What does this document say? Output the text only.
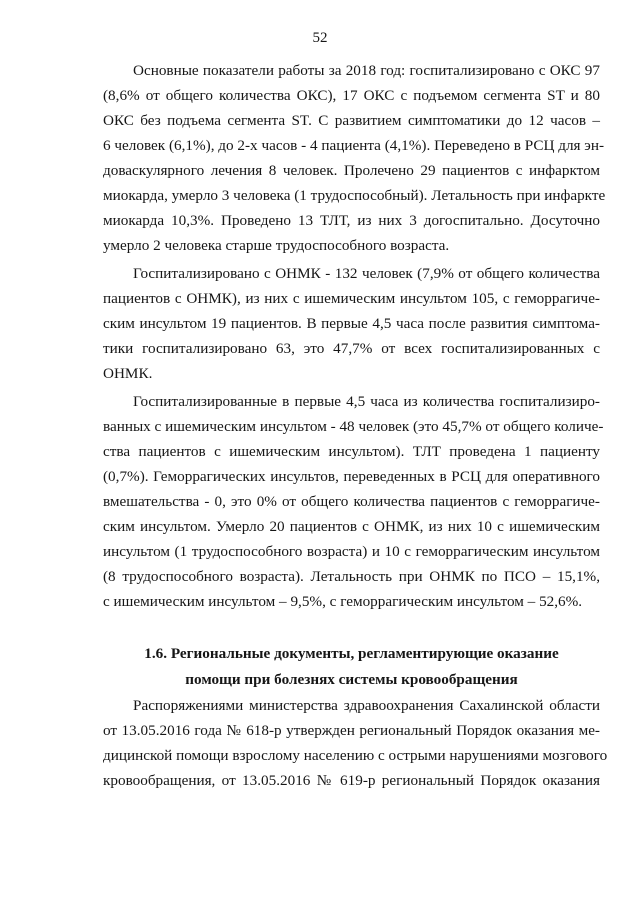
52
Основные показатели работы за 2018 год: госпитализировано с ОКС 97
(8,6% от общего количества ОКС), 17 ОКС с подъемом сегмента ST и 80
ОКС без подъема сегмента ST. С развитием симптоматики до 12 часов –
6 человек (6,1%), до 2-х часов - 4 пациента (4,1%). Переведено в РСЦ для эн-
доваскулярного лечения 8 человек. Пролечено 29 пациентов с инфарктом
миокарда, умерло 3 человека (1 трудоспособный). Летальность при инфаркте
миокарда 10,3%. Проведено 13 ТЛТ, из них 3 догоспитально. Досуточно
умерло 2 человека старше трудоспособного возраста.
Госпитализировано с ОНМК - 132 человек (7,9% от общего количества
пациентов с ОНМК), из них с ишемическим инсультом 105, с геморрагиче-
ским инсультом 19 пациентов. В первые 4,5 часа после развития симптома-
тики госпитализировано 63, это 47,7% от всех госпитализированных с
ОНМК.
Госпитализированные в первые 4,5 часа из количества госпитализиро-
ванных с ишемическим инсультом - 48 человек (это 45,7% от общего количе-
ства пациентов с ишемическим инсультом). ТЛТ проведена 1 пациенту
(0,7%). Геморрагических инсультов, переведенных в РСЦ для оперативного
вмешательства - 0, это 0% от общего количества пациентов с геморрагиче-
ским инсультом. Умерло 20 пациентов с ОНМК, из них 10 с ишемическим
инсультом (1 трудоспособного возраста) и 10 с геморрагическим инсультом
(8 трудоспособного возраста). Летальность при ОНМК по ПСО – 15,1%,
с ишемическим инсультом – 9,5%, с геморрагическим инсультом – 52,6%.
1.6. Региональные документы, регламентирующие оказание
помощи при болезнях системы кровообращения
Распоряжениями министерства здравоохранения Сахалинской области
от 13.05.2016 года № 618-р утвержден региональный Порядок оказания ме-
дицинской помощи взрослому населению с острыми нарушениями мозгового
кровообращения, от 13.05.2016 № 619-р региональный Порядок оказания
